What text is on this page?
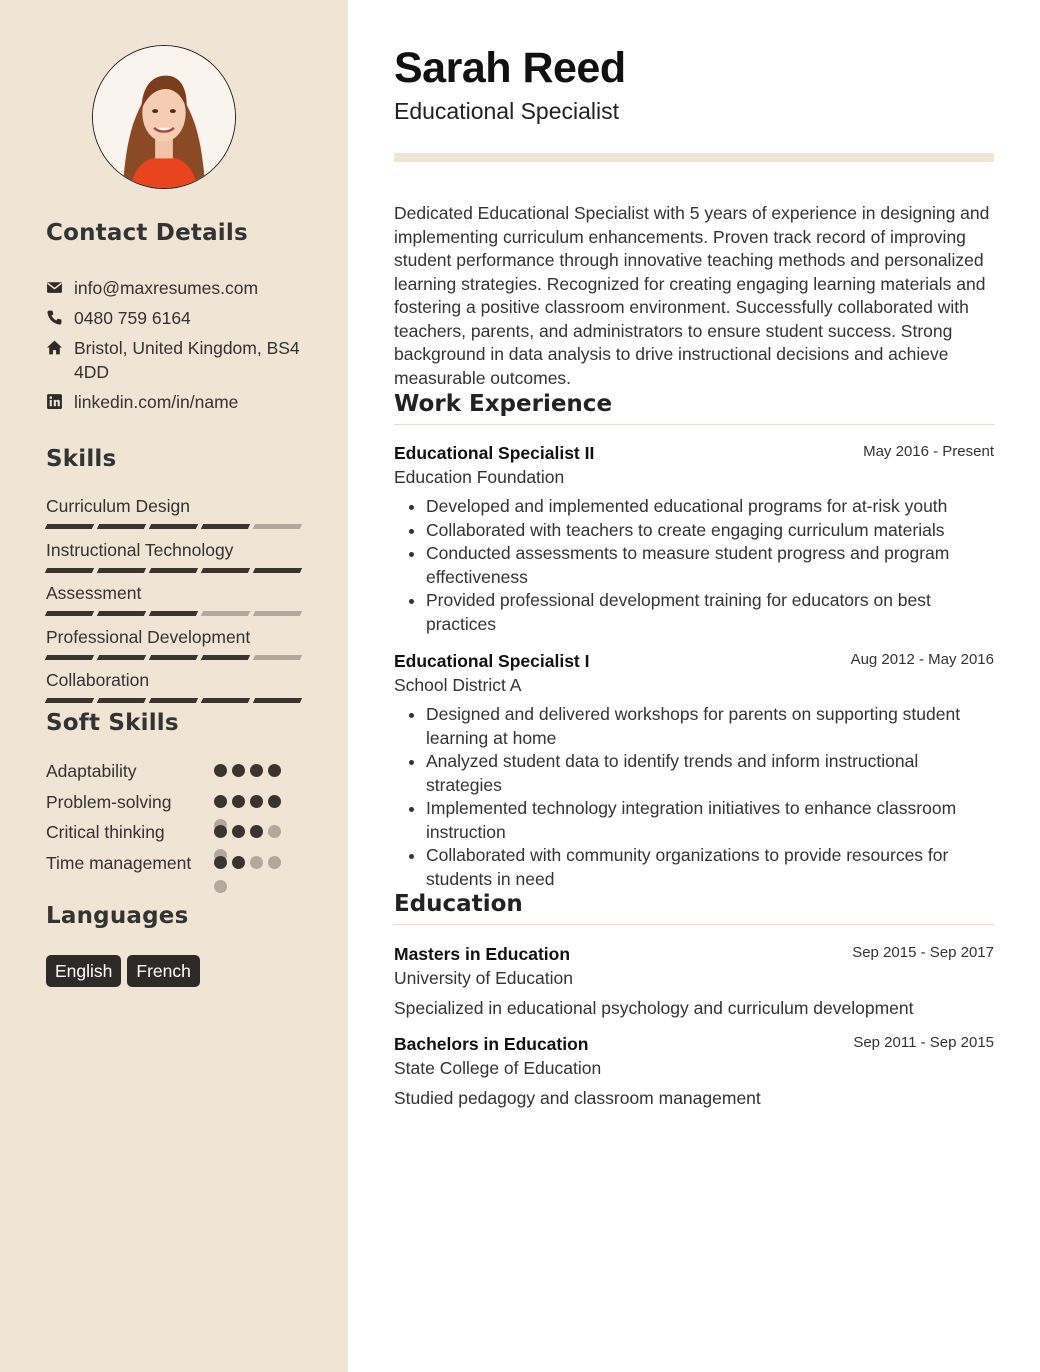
Contact Details
info@maxresumes.com
0480 759 6164
Bristol, United Kingdom, BS4 4DD
linkedin.com/in/name
Skills
Curriculum Design
Instructional Technology
Assessment
Professional Development
Collaboration
Soft Skills
Adaptability
Problem-solving
Critical thinking
Time management
Languages
English	French
Sarah Reed
Educational Specialist
Dedicated Educational Specialist with 5 years of experience in designing and implementing curriculum enhancements. Proven track record of improving student performance through innovative teaching methods and personalized learning strategies. Recognized for creating engaging learning materials and fostering a positive classroom environment. Successfully collaborated with teachers, parents, and administrators to ensure student success. Strong background in data analysis to drive instructional decisions and achieve measurable outcomes.
Work Experience
Educational Specialist II	May 2016 - Present
Education Foundation
• Developed and implemented educational programs for at-risk youth
• Collaborated with teachers to create engaging curriculum materials
• Conducted assessments to measure student progress and program effectiveness
• Provided professional development training for educators on best practices
Educational Specialist I	Aug 2012 - May 2016
School District A
• Designed and delivered workshops for parents on supporting student learning at home
• Analyzed student data to identify trends and inform instructional strategies
• Implemented technology integration initiatives to enhance classroom instruction
• Collaborated with community organizations to provide resources for students in need
Education
Masters in Education	Sep 2015 - Sep 2017
University of Education
Specialized in educational psychology and curriculum development
Bachelors in Education	Sep 2011 - Sep 2015
State College of Education
Studied pedagogy and classroom management
